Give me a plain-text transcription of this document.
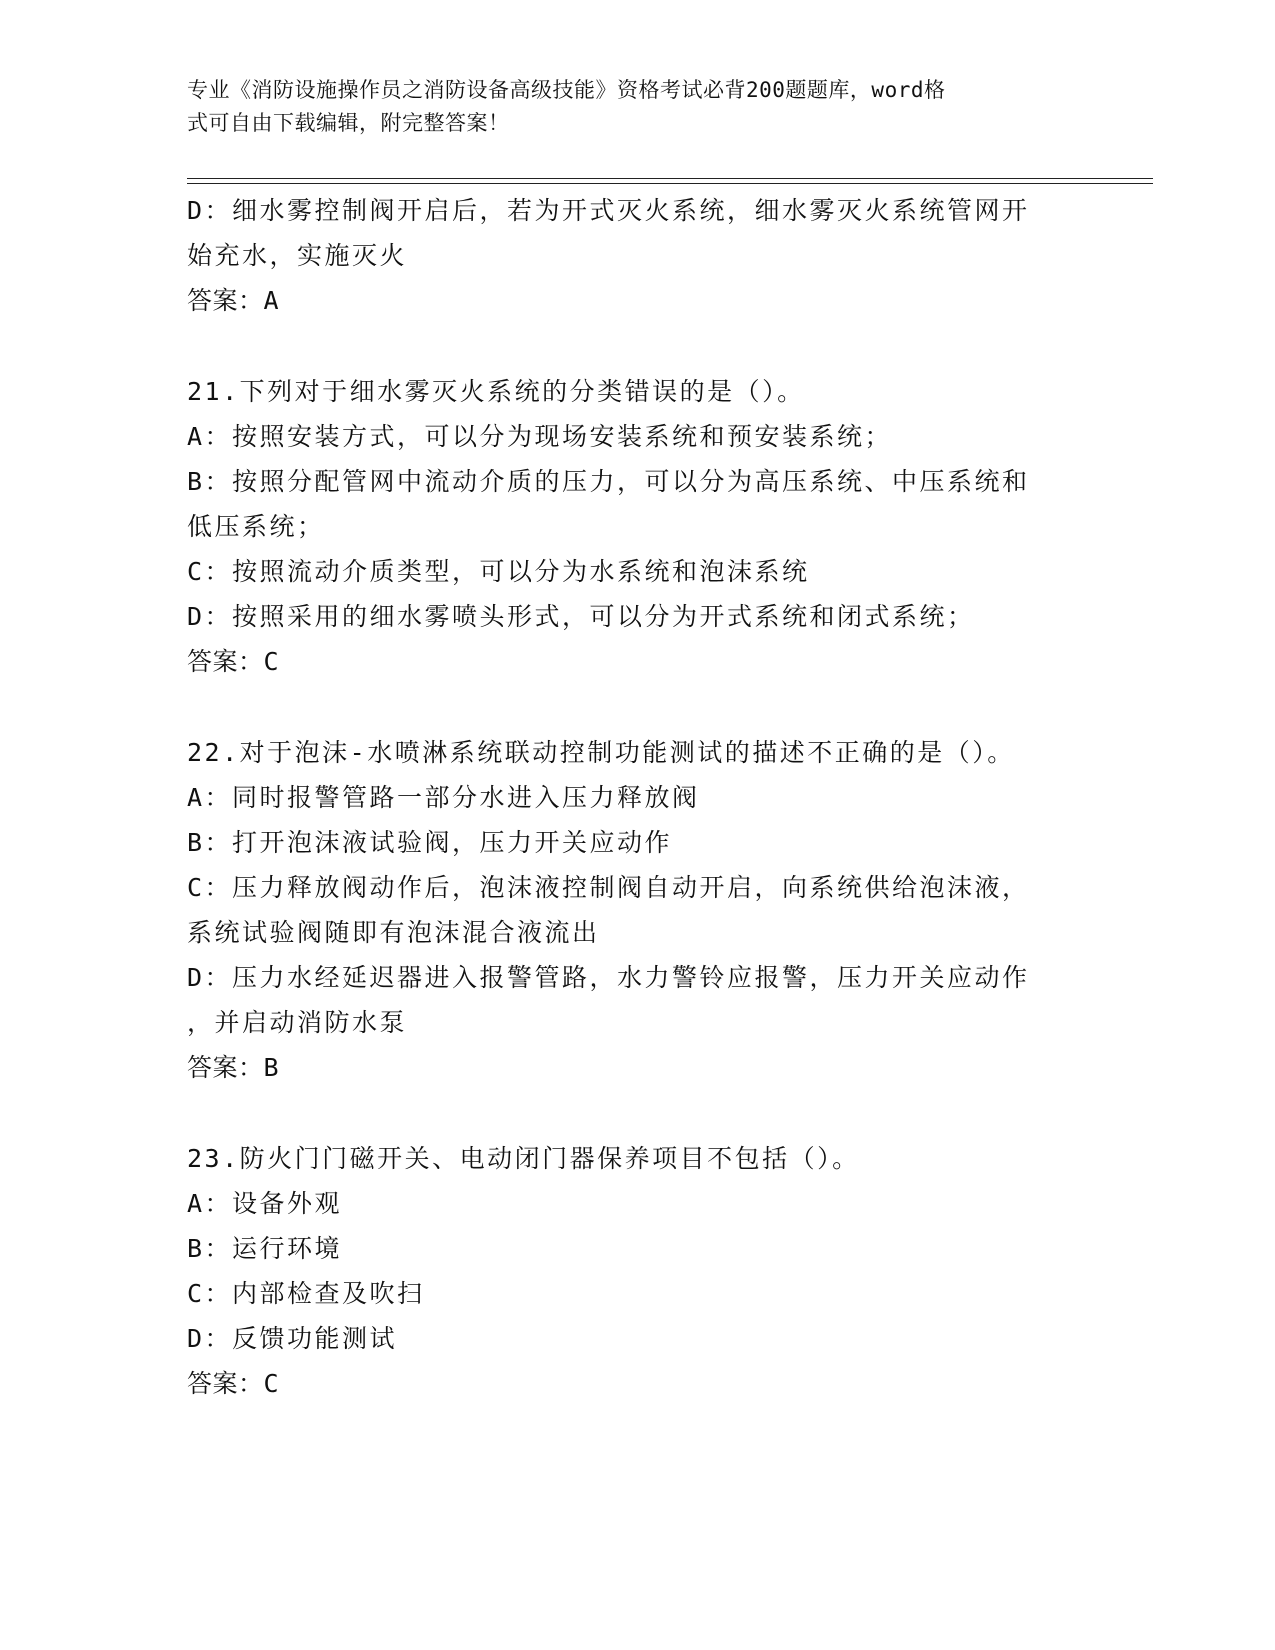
专业《消防设施操作员之消防设备高级技能》资格考试必背200题题库，word格
式可自由下载编辑，附完整答案！
D：细水雾控制阀开启后，若为开式灭火系统，细水雾灭火系统管网开
始充水，实施灭火
答案：A
21.下列对于细水雾灭火系统的分类错误的是（）。
A：按照安装方式，可以分为现场安装系统和预安装系统；
B：按照分配管网中流动介质的压力，可以分为高压系统、中压系统和
低压系统；
C：按照流动介质类型，可以分为水系统和泡沫系统
D：按照采用的细水雾喷头形式，可以分为开式系统和闭式系统；
答案：C
22.对于泡沫-水喷淋系统联动控制功能测试的描述不正确的是（）。
A：同时报警管路一部分水进入压力释放阀
B：打开泡沫液试验阀，压力开关应动作
C：压力释放阀动作后，泡沫液控制阀自动开启，向系统供给泡沫液，
系统试验阀随即有泡沫混合液流出
D：压力水经延迟器进入报警管路，水力警铃应报警，压力开关应动作
，并启动消防水泵
答案：B
23.防火门门磁开关、电动闭门器保养项目不包括（）。
A：设备外观
B：运行环境
C：内部检查及吹扫
D：反馈功能测试
答案：C
